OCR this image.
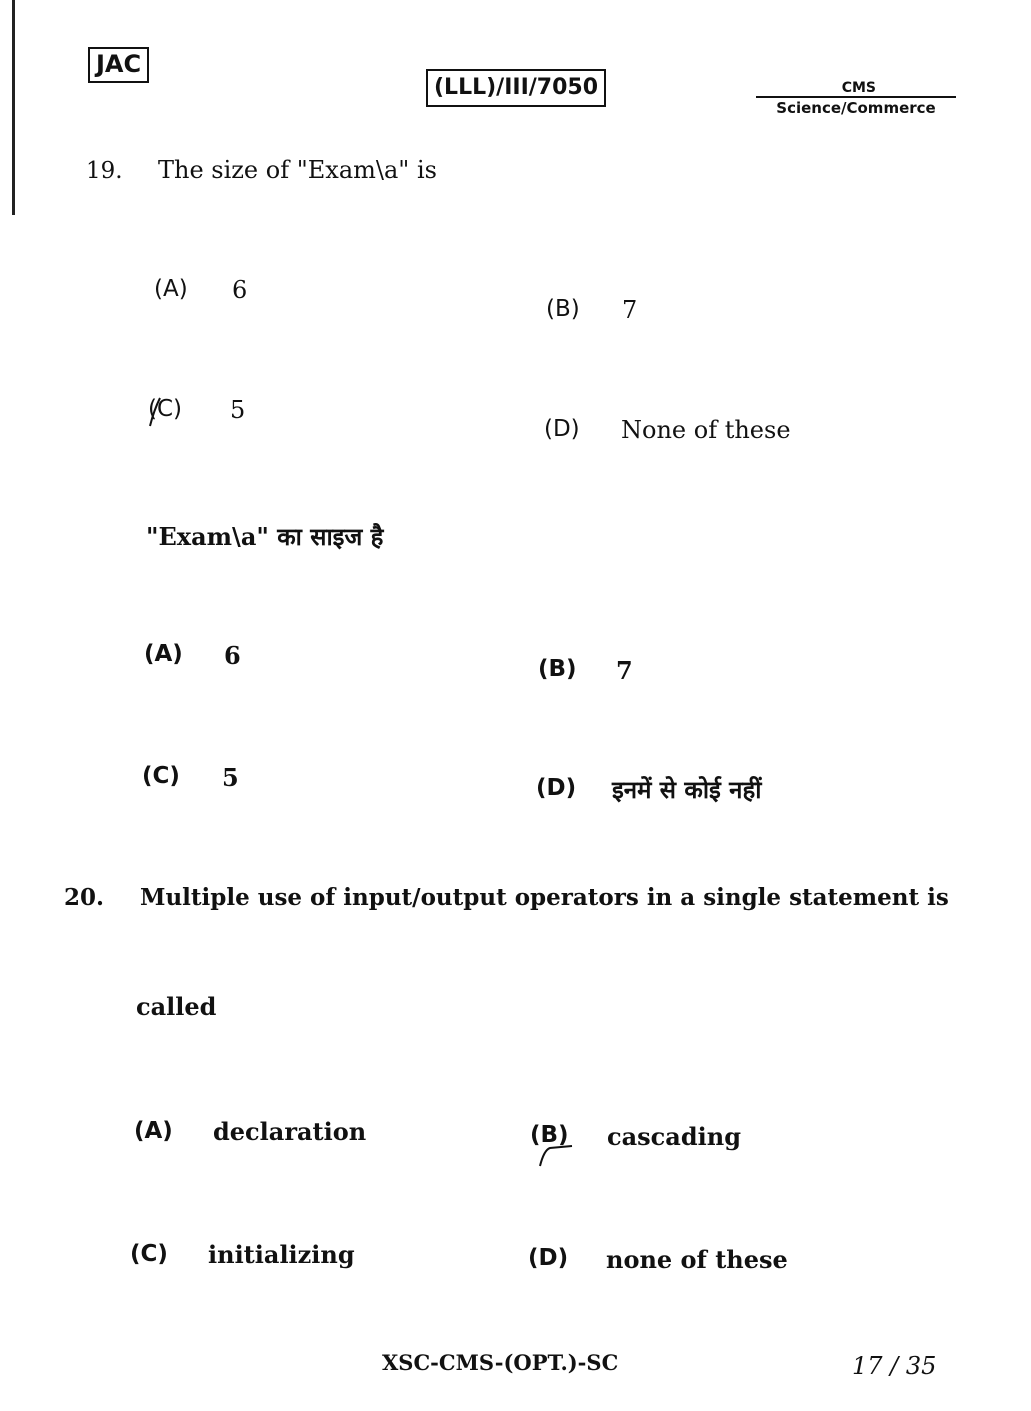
JAC
(LLL)/III/7050	CMS
Science/Commerce
19. The size of "Exam\a" is
(A) 6
(B) 7
(C) 5
(D) None of these
"Exam\a" का साइज है
(A) 6	(B) 7
(C) 5	(D) इनमें से कोई नहीं
20. Multiple use of input/output operators in a single statement is
called
(A) declaration	(B) cascading
(C) initializing	(D) none of these
XSC-CMS-(OPT.)-SC	17 / 35
